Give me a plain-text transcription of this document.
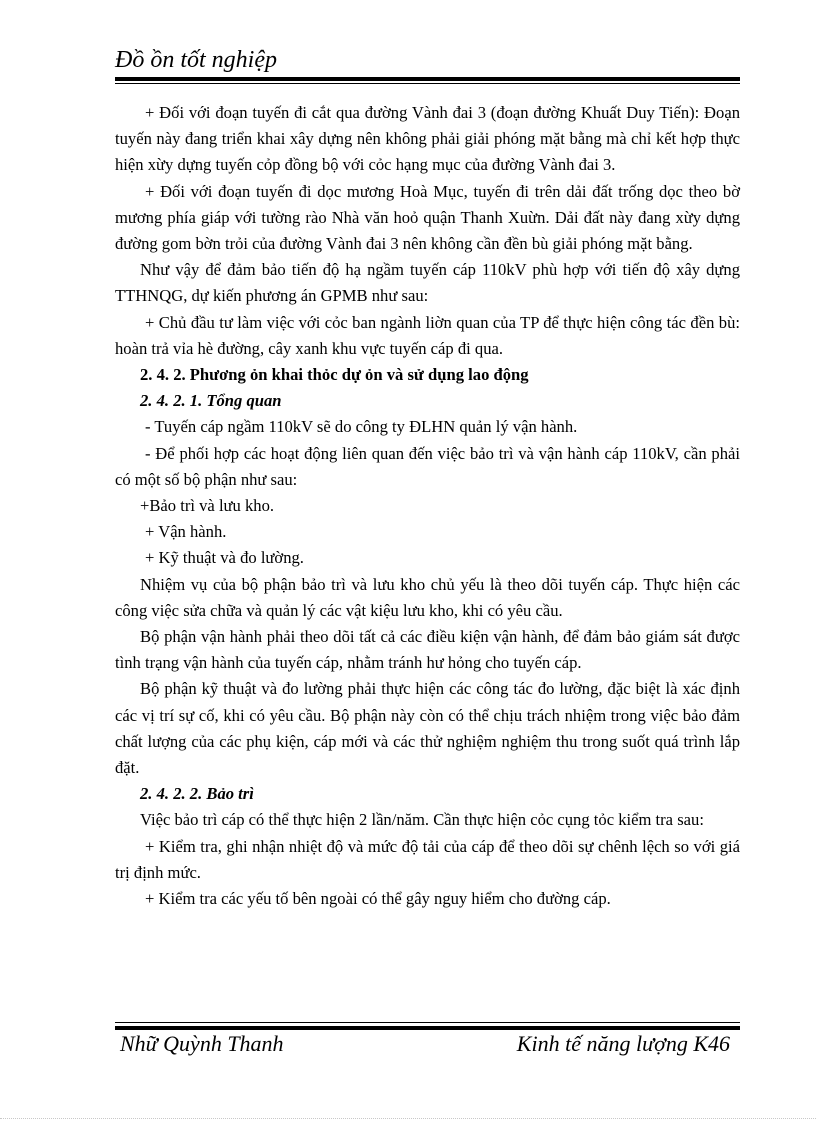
Đồ ồn tốt nghiệp

+ Đối với đoạn tuyến đi cắt qua đường Vành đai 3 (đoạn đường Khuất Duy Tiến): Đoạn tuyến này đang triển khai xây dựng nên không phải giải phóng mặt bằng mà chỉ kết hợp thực hiện xừy dựng tuyến cỏp đồng bộ với cỏc hạng mục của đường Vành đai 3.

+ Đối với đoạn tuyến đi dọc mương Hoà Mục, tuyến đi trên dải đất trống dọc theo bờ mương phía giáp với tường rào Nhà văn hoỏ quận Thanh Xuừn. Dải đất này đang xừy dựng đường gom bờn trỏi của đường Vành đai 3 nên không cần đền bù giải phóng mặt bằng.

Như vậy để đảm bảo tiến độ hạ ngầm tuyến cáp 110kV phù hợp với tiến độ xây dựng TTHNQG, dự kiến phương án GPMB như sau:

+ Chủ đầu tư làm việc với cỏc ban ngành liờn quan của TP để thực hiện công tác đền bù: hoàn trả vỉa hè đường, cây xanh khu vực tuyến cáp đi qua.

2. 4. 2. Phương ỏn khai thỏc dự ỏn và sử dụng lao động

2. 4. 2. 1. Tổng quan

- Tuyến cáp ngầm 110kV sẽ do công ty ĐLHN quản lý vận hành.

- Để phối hợp các hoạt động liên quan đến việc bảo trì và vận hành cáp 110kV, cần phải có một số bộ phận như sau:

+Bảo trì và lưu kho.

+ Vận hành.

+ Kỹ thuật và đo lường.

Nhiệm vụ của bộ phận bảo trì và lưu kho chủ yếu là theo dõi tuyến cáp. Thực hiện các công việc sửa chữa và quản lý các vật kiệu lưu kho, khi có yêu cầu.

Bộ phận vận hành phải theo dõi tất cả các điều kiện vận hành, để đảm bảo giám sát được tình trạng vận hành của tuyến cáp, nhằm tránh hư hỏng cho tuyến cáp.

Bộ phận kỹ thuật và đo lường phải thực hiện các công tác đo lường, đặc biệt là xác định các vị trí sự cố, khi có yêu cầu. Bộ phận này còn có thể chịu trách nhiệm trong việc bảo đảm chất lượng của các phụ kiện, cáp mới và các thử nghiệm nghiệm thu trong suốt quá trình lắp đặt.

2. 4. 2. 2. Bảo trì

Việc bảo trì cáp có thể thực hiện 2 lần/năm. Cần thực hiện cỏc cụng tỏc kiểm tra sau:

+ Kiểm tra, ghi nhận nhiệt độ và mức độ tải của cáp để theo dõi sự chênh lệch so với giá trị định mức.

+ Kiểm tra các yếu tố bên ngoài có thể gây nguy hiểm cho đường cáp.

Nhữ Quỳnh Thanh	Kinh tế năng lượng K46
